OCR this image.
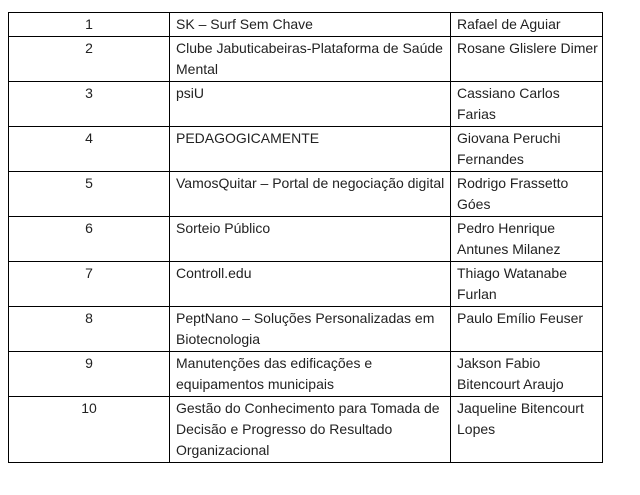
1	SK – Surf Sem Chave	Rafael de Aguiar
2	Clube Jabuticabeiras-Plataforma de Saúde Mental	Rosane Glislere Dimer
3	psiU	Cassiano Carlos Farias
4	PEDAGOGICAMENTE	Giovana Peruchi Fernandes
5	VamosQuitar – Portal de negociação digital	Rodrigo Frassetto Góes
6	Sorteio Público	Pedro Henrique Antunes Milanez
7	Controll.edu	Thiago Watanabe Furlan
8	PeptNano – Soluções Personalizadas em Biotecnologia	Paulo Emílio Feuser
9	Manutenções das edificações e equipamentos municipais	Jakson Fabio Bitencourt Araujo
10	Gestão do Conhecimento para Tomada de Decisão e Progresso do Resultado Organizacional	Jaqueline Bitencourt Lopes
